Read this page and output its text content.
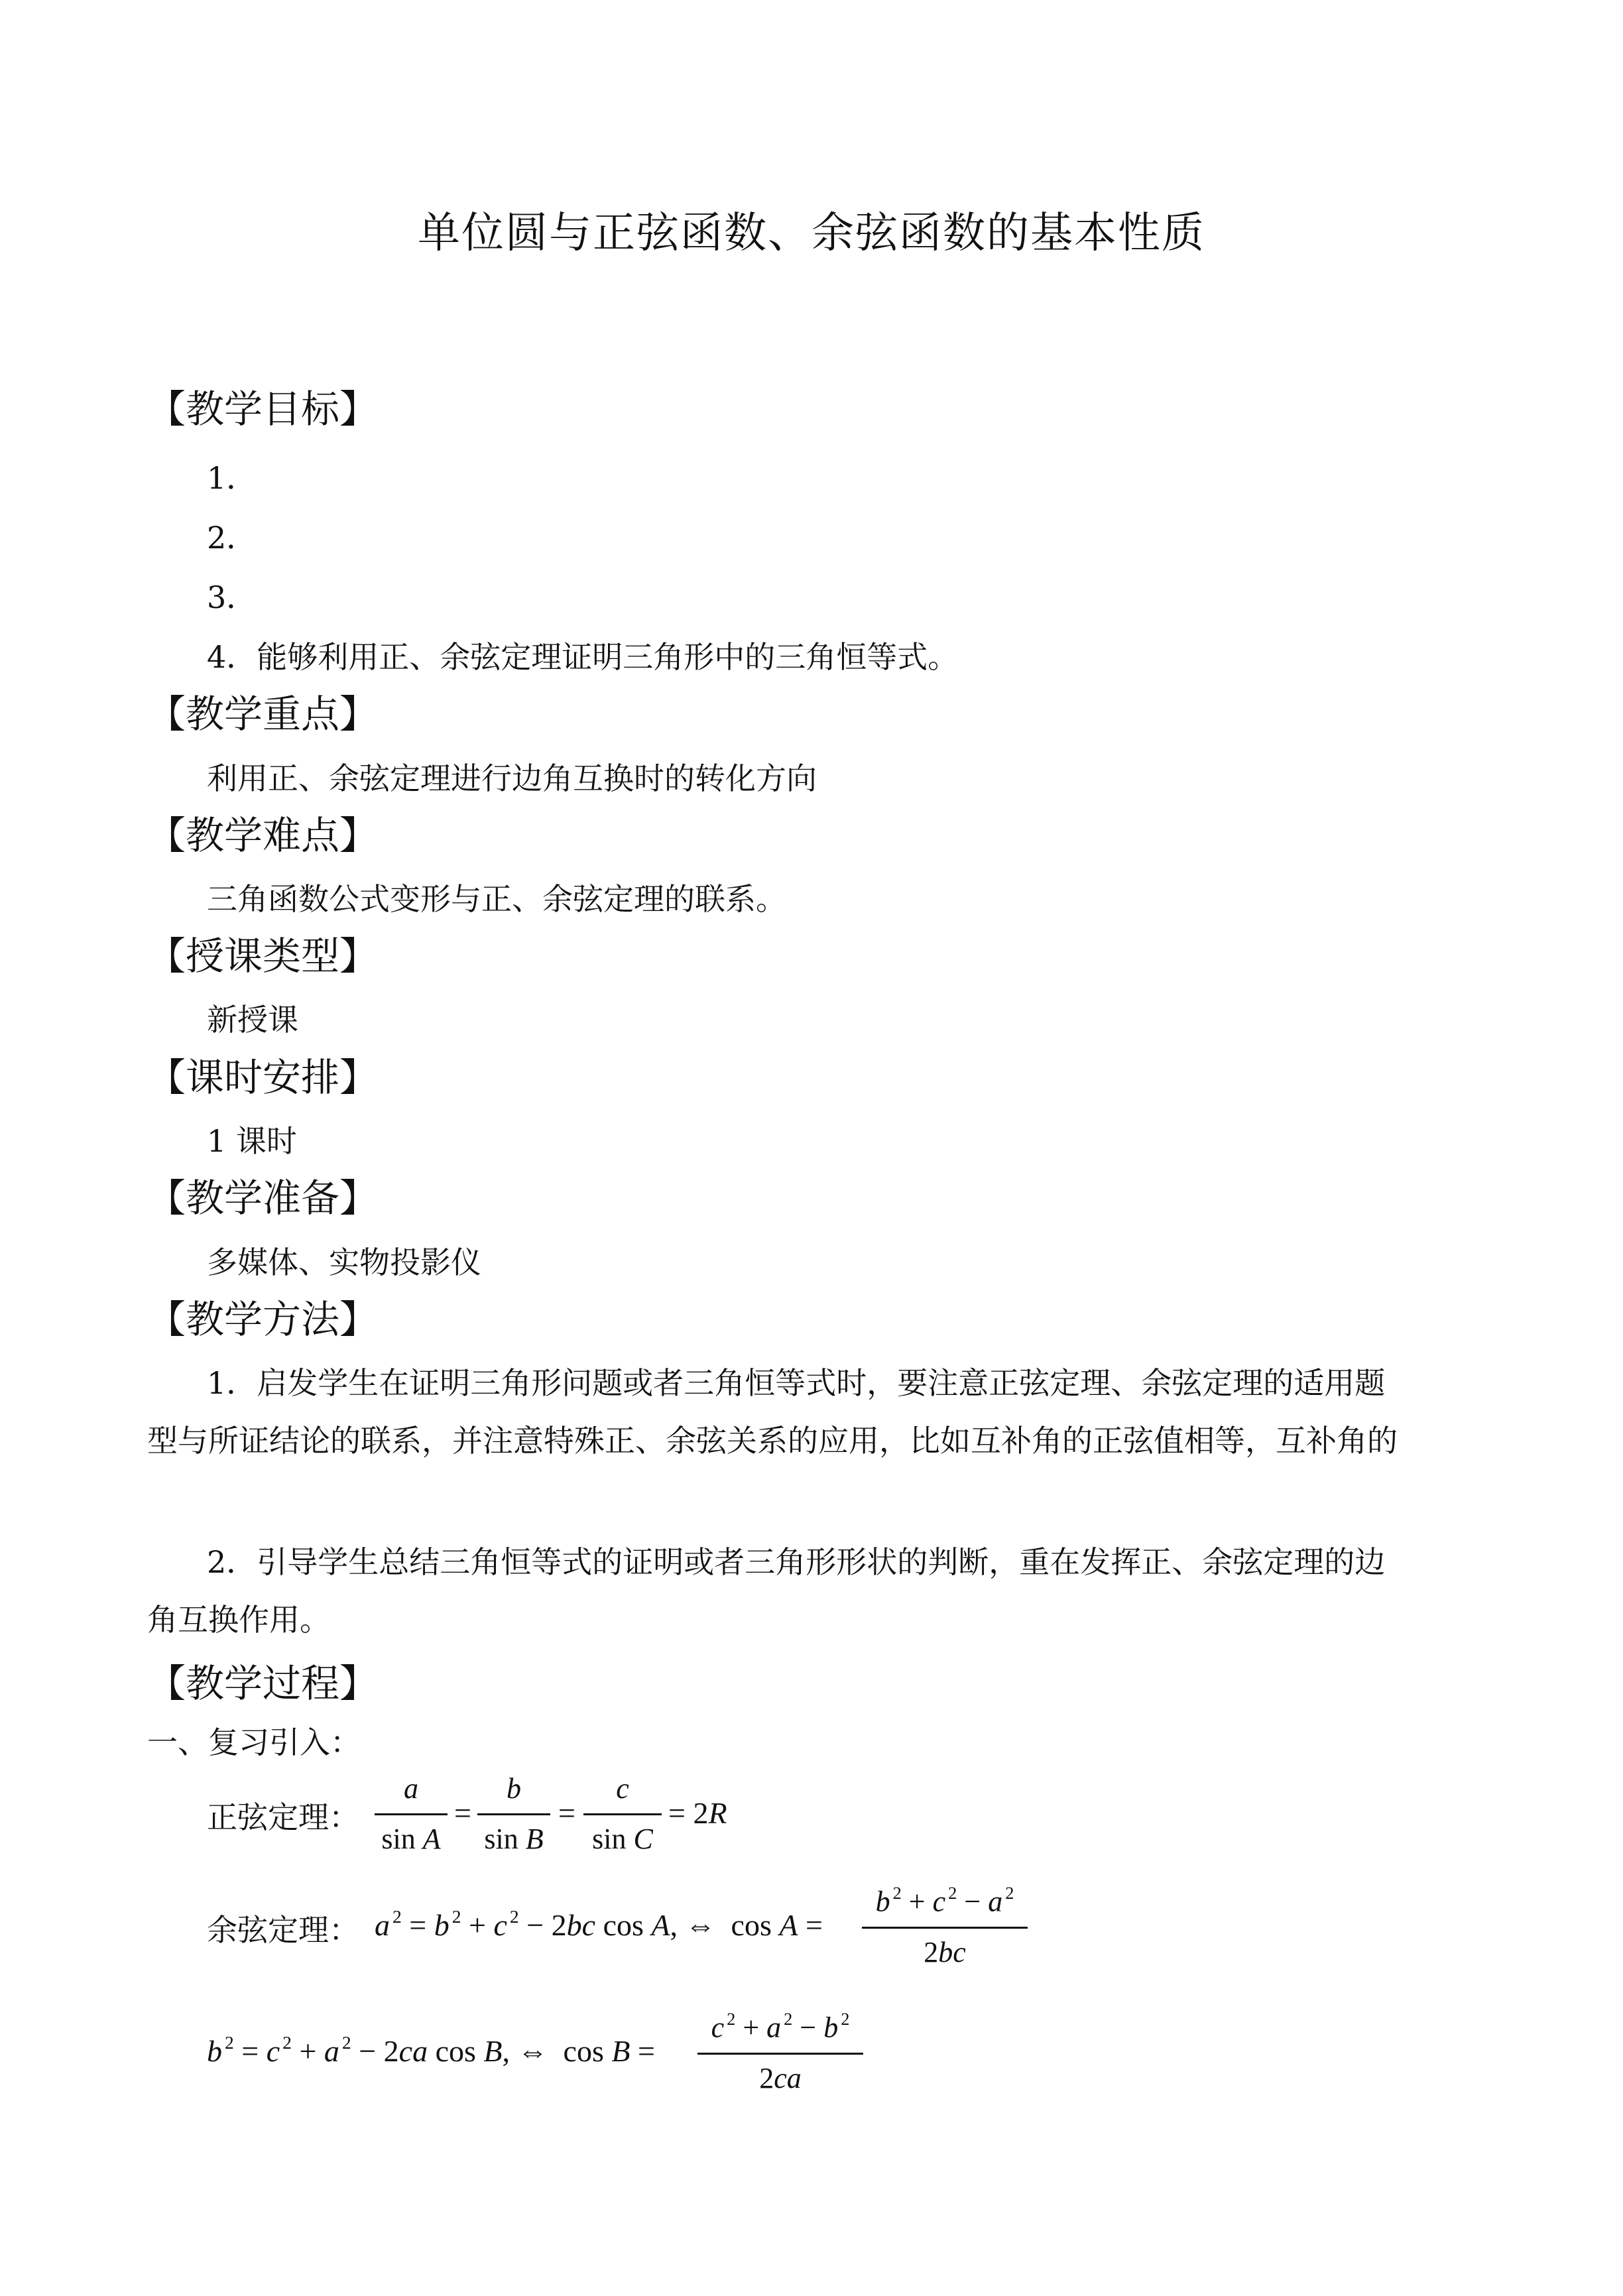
单位圆与正弦函数、余弦函数的基本性质
【教学目标】
1．
2．
3．
4．能够利用正、余弦定理证明三角形中的三角恒等式。
【教学重点】
利用正、余弦定理进行边角互换时的转化方向
【教学难点】
三角函数公式变形与正、余弦定理的联系。
【授课类型】
新授课
【课时安排】
1 课时
【教学准备】
多媒体、实物投影仪
【教学方法】
1．启发学生在证明三角形问题或者三角恒等式时，要注意正弦定理、余弦定理的适用题
型与所证结论的联系，并注意特殊正、余弦关系的应用，比如互补角的正弦值相等，互补角的
2．引导学生总结三角恒等式的证明或者三角形形状的判断，重在发挥正、余弦定理的边
角互换作用。
【教学过程】
一、复习引入：
正弦定理：
a
sin A
=
b
sin B
=
c
sin C
= 2R
余弦定理： a $^2$ = b $^2$ + c $^2$ − 2bc cos A, ⇔  cos A =
b $^2$ + c $^2$ − a $^2$
2bc
b $^2$ = c $^2$ + a $^2$ − 2ca cos B, ⇔  cos B =
c $^2$ + a $^2$ − b $^2$
2ca
